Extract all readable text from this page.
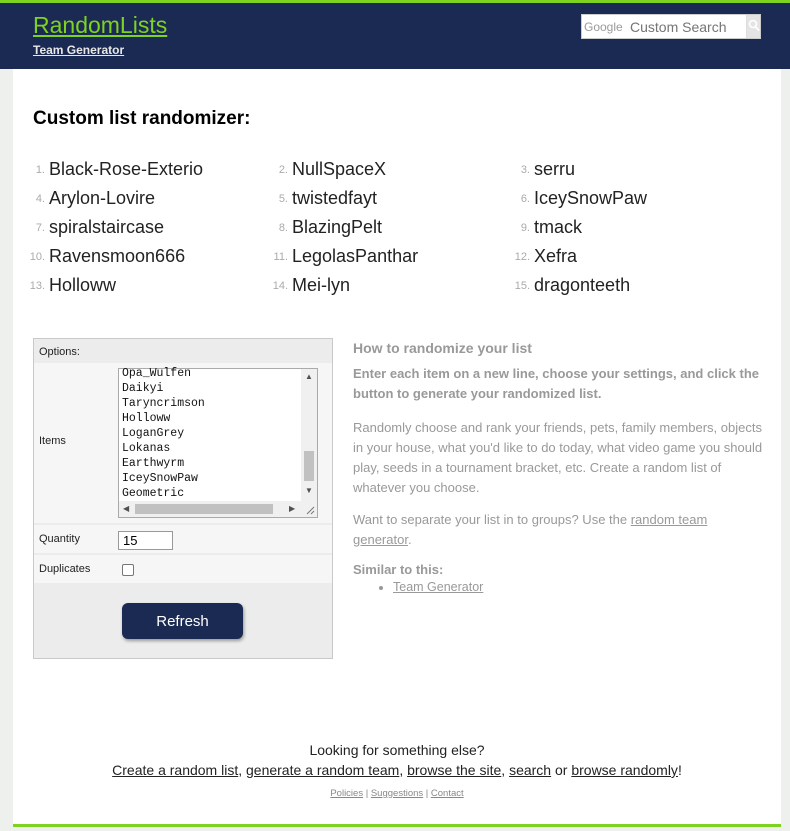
RandomLists
Team Generator
Google
Custom Search
Custom list randomizer:
1. Black-Rose-Exterio	2. NullSpaceX	3. serru
4. Arylon-Lovire	5. twistedfayt	6. IceySnowPaw
7. spiralstaircase	8. BlazingPelt	9. tmack
10. Ravensmoon666	11. LegolasPanthar	12. Xefra
13. Holloww	14. Mei-lyn	15. dragonteeth
Options:
Items
Opa_Wulfen
Daikyi
Taryncrimson
Holloww
LoganGrey
Lokanas
Earthwyrm
IceySnowPaw
Geometric
▲
▼
◀	▶
Quantity
15
Duplicates
Refresh
How to randomize your list
Enter each item on a new line, choose your settings, and click the button to generate your randomized list.

Randomly choose and rank your friends, pets, family members, objects in your house, what you'd like to do today, what video game you should play, seeds in a tournament bracket, etc. Create a random list of whatever you choose.

Want to separate your list in to groups? Use the random team generator.

Similar to this:
• Team Generator
Looking for something else?
Create a random list, generate a random team, browse the site, search or browse randomly!
Policies | Suggestions | Contact
